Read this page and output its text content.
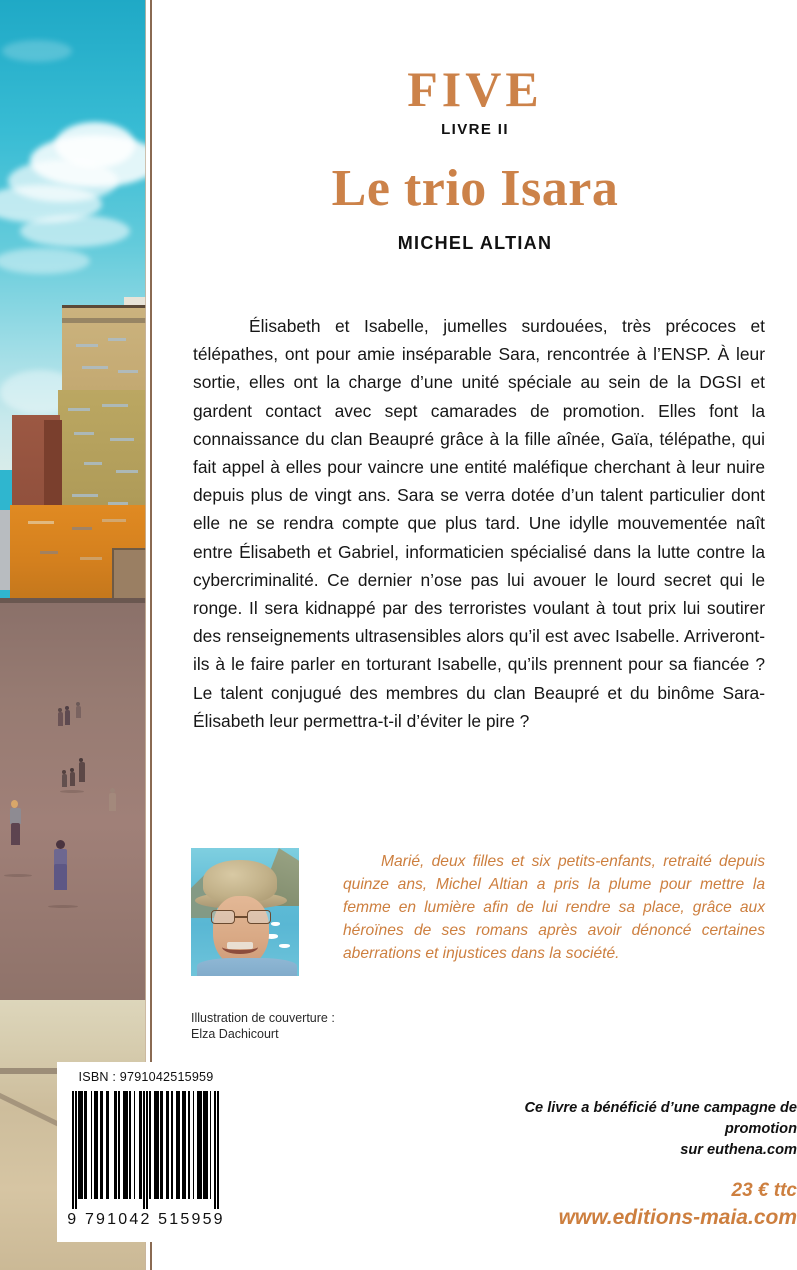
FIVE
LIVRE II
Le trio Isara
MICHEL ALTIAN
Élisabeth et Isabelle, jumelles surdouées, très précoces et télépathes, ont pour amie inséparable Sara, rencontrée à l’ENSP. À leur sortie, elles ont la charge d’une unité spéciale au sein de la DGSI et gardent contact avec sept camarades de promotion. Elles font la connaissance du clan Beaupré grâce à la fille aînée, Gaïa, télépathe, qui fait appel à elles pour vaincre une entité maléfique cherchant à leur nuire depuis plus de vingt ans. Sara se verra dotée d’un talent particulier dont elle ne se rendra compte que plus tard. Une idylle mouvementée naît entre Élisabeth et Gabriel, informaticien spécialisé dans la lutte contre la cybercriminalité. Ce dernier n’ose pas lui avouer le lourd secret qui le ronge. Il sera kidnappé par des terroristes voulant à tout prix lui soutirer des renseignements ultrasensibles alors qu’il est avec Isabelle. Arriveront-ils à le faire parler en torturant Isabelle, qu’ils prennent pour sa fiancée ? Le talent conjugué des membres du clan Beaupré et du binôme Sara-Élisabeth leur permettra-t-il d’éviter le pire ?
Marié, deux filles et six petits-enfants, retraité depuis quinze ans, Michel Altian a pris la plume pour mettre la femme en lumière afin de lui rendre sa place, grâce aux héroïnes de ses romans après avoir dénoncé certaines aberrations et injustices dans la société.
Illustration de couverture :
Elza Dachicourt
Ce livre a bénéficié d’une campagne de promotion
sur euthena.com
23 € ttc
www.editions-maia.com
ISBN : 9791042515959
9 791042 515959
